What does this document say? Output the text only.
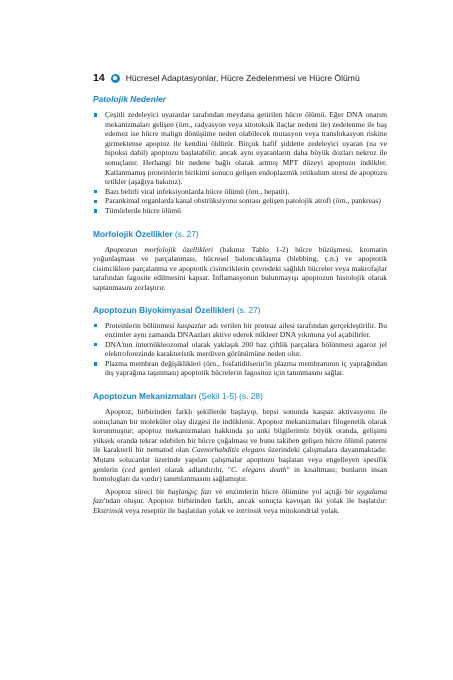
14 Hücresel Adaptasyonlar, Hücre Zedelenmesi ve Hücre Ölümü
Patolojik Nedenler
Çeşitli zedeleyici uyaranlar tarafından meydana getirilen hücre ölümü. Eğer DNA onarım mekanizmaları gelişen (örn., radyasyon veya sitotoksik ilaçlar nedeni ile) zedelenme ile baş edemez ise hücre malign dönüşüme neden olabilecek mutasyon veya translokasyon riskine girmektense apoptoz ile kendini öldürür. Birçok hafif şiddette zedeleyici uyaran (ısı ve hipoksi dahil) apoptozu başlatabilir; ancak aynı uyaranların daha büyük dozları nekroz ile sonuçlanır. Herhangi bir nedene bağlı olarak artmış MPT düzeyi apoptozu indükler. Katlanmamış proteinlerin birikimi sonucu gelişen endoplazmik retikulum stresi de apoptozu tetikler (aşağıya bakınız).
Bazı belirli viral infeksiyonlarda hücre ölümü (örn., hepatit).
Parankimal organlarda kanal obstrüksiyonu sonrası gelişen patolojik atrofi (örn., pankreas)
Tümörlerde hücre ölümü
Morfolojik Özellikler (s. 27)

Apoptozun morfolojik özellikleri (bakınız Tablo 1-2) hücre büzüşmesi, kromatin yoğunlaşması ve parçalanması, hücresel baloncuklaşma (blebbing, ç.n.) ve apoptotik cisimciklere parçalanma ve apoptotik cisimciklerin çevredeki sağlıklı hücreler veya makrofajlar tarafından fagosite edilmesini kapsar. İnflamasyonun bulunmayışı apoptozun histolojik olarak saptanmasını zorlaştırır.

Apoptozun Biyokimyasal Özellikleri (s. 27)
Proteinlerin bölünmesi kaspazlar adı verilen bir proteaz ailesi tarafından gerçekleştirilir. Bu enzimler aynı zamanda DNAazları aktive ederek nükleer DNA yıkımına yol açabilirler.
DNA'nın internükleozomal olarak yaklaşık 200 baz çiftlik parçalara bölünmesi agaroz jel elektroforezinde karakteristik merdiven görünümüne neden olur.
Plazma membran değişiklikleri (örn., fosfatidilserin'in plazma membranının iç yaprağından dış yaprağına taşınması) apoptotik hücrelerin fagositoz için tanınmasını sağlar.
Apoptozun Mekanizmaları (Şekil 1-5) (s. 28)

Apoptoz, birbirinden farklı şekillerde başlayıp, hepsi sonunda kaspaz aktivasyonu ile sonuçlanan bir moleküler olay dizgesi ile indüklenir. Apoptoz mekanizmaları filogenetik olarak korunmuştur; apoptoz mekanizmaları hakkında şu anki bilgilerimiz büyük oranda, gelişimi yüksek oranda tekrar edebilen bir hücre çoğalması ve bunu takiben gelişen hücre ölümü paterni ile karakterli bir nematod olan Caenorhabditis elegans üzerindeki çalışmalara dayanmaktadır. Mutant solucanlar üzerinde yapılan çalışmalar apoptozu başlatan veya engelleyen spesifik genlerin (ced genleri olarak adlandırılır, "C. elegans death" in kısaltması; bunların insan homologları da vardır) tanımlanmasını sağlamıştır.

Apoptoz süreci bir başlangıç fazı ve enzimlerin hücre ölümüne yol açtığı bir uygulama fazı'ndan oluşur. Apoptoz birbirinden farklı, ancak sonuçta kavuşan iki yolak ile başlatılır: Ekstrinsik veya reseptör ile başlatılan yolak ve intrinsik veya mitokondrial yolak.
